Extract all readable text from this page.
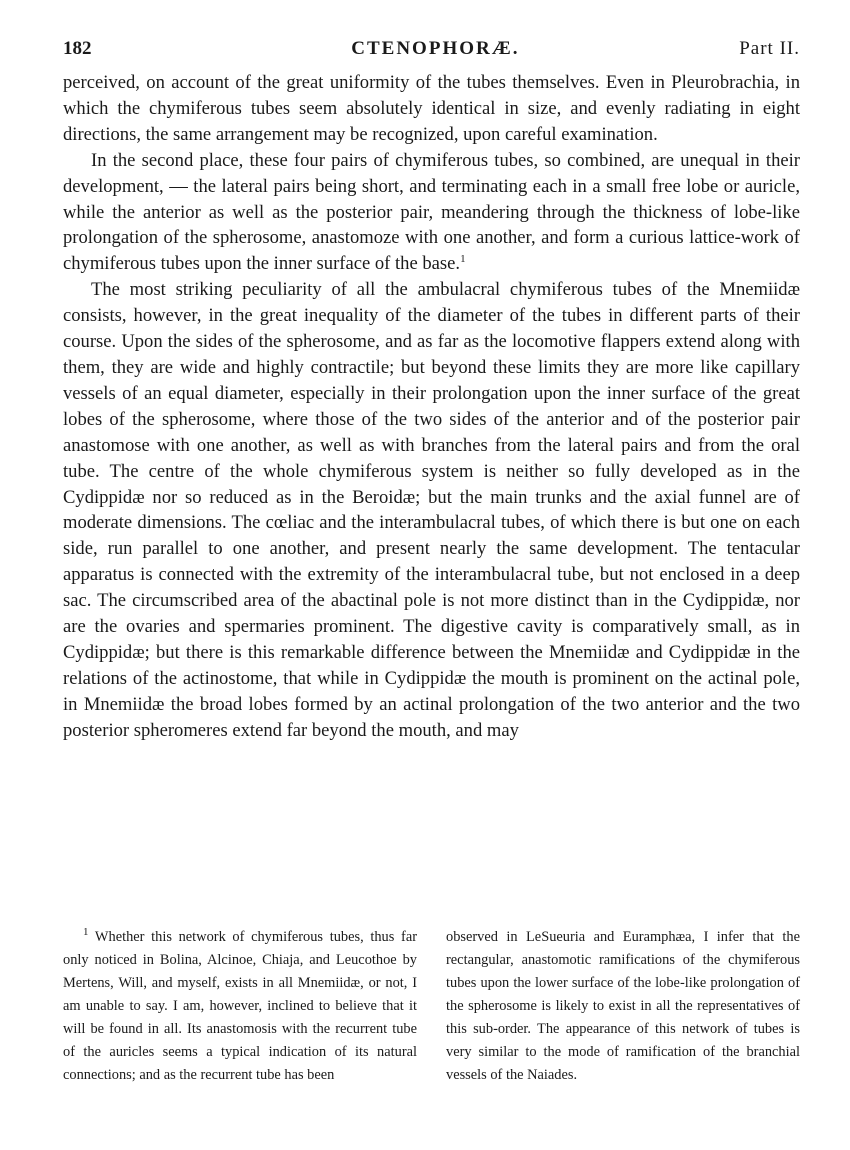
182	CTENOPHORÆ.	Part II.

perceived, on account of the great uniformity of the tubes themselves. Even in Pleurobrachia, in which the chymiferous tubes seem absolutely identical in size, and evenly radiating in eight directions, the same arrangement may be recognized, upon careful examination.

In the second place, these four pairs of chymiferous tubes, so combined, are unequal in their development, — the lateral pairs being short, and terminating each in a small free lobe or auricle, while the anterior as well as the posterior pair, meandering through the thickness of lobe-like prolongation of the spherosome, anastomoze with one another, and form a curious lattice-work of chymiferous tubes upon the inner surface of the base.$^1$

The most striking peculiarity of all the ambulacral chymiferous tubes of the Mnemiidæ consists, however, in the great inequality of the diameter of the tubes in different parts of their course. Upon the sides of the spherosome, and as far as the locomotive flappers extend along with them, they are wide and highly contractile; but beyond these limits they are more like capillary vessels of an equal diameter, especially in their prolongation upon the inner surface of the great lobes of the spherosome, where those of the two sides of the anterior and of the posterior pair anastomose with one another, as well as with branches from the lateral pairs and from the oral tube. The centre of the whole chymiferous system is neither so fully developed as in the Cydippidæ nor so reduced as in the Beroidæ; but the main trunks and the axial funnel are of moderate dimensions. The cœliac and the interambulacral tubes, of which there is but one on each side, run parallel to one another, and present nearly the same development. The tentacular apparatus is connected with the extremity of the interambulacral tube, but not enclosed in a deep sac. The circumscribed area of the abactinal pole is not more distinct than in the Cydippidæ, nor are the ovaries and spermaries prominent. The digestive cavity is comparatively small, as in Cydippidæ; but there is this remarkable difference between the Mnemiidæ and Cydippidæ in the relations of the actinostome, that while in Cydippidæ the mouth is prominent on the actinal pole, in Mnemiidæ the broad lobes formed by an actinal prolongation of the two anterior and the two posterior spheromeres extend far beyond the mouth, and may

$^1$ Whether this network of chymiferous tubes, thus far only noticed in Bolina, Alcinoe, Chiaja, and Leucothoe by Mertens, Will, and myself, exists in all Mnemiidæ, or not, I am unable to say. I am, however, inclined to believe that it will be found in all. Its anastomosis with the recurrent tube of the auricles seems a typical indication of its natural connections; and as the recurrent tube has been

observed in LeSueuria and Euramphæa, I infer that the rectangular, anastomotic ramifications of the chymiferous tubes upon the lower surface of the lobe-like prolongation of the spherosome is likely to exist in all the representatives of this sub-order. The appearance of this network of tubes is very similar to the mode of ramification of the branchial vessels of the Naiades.
